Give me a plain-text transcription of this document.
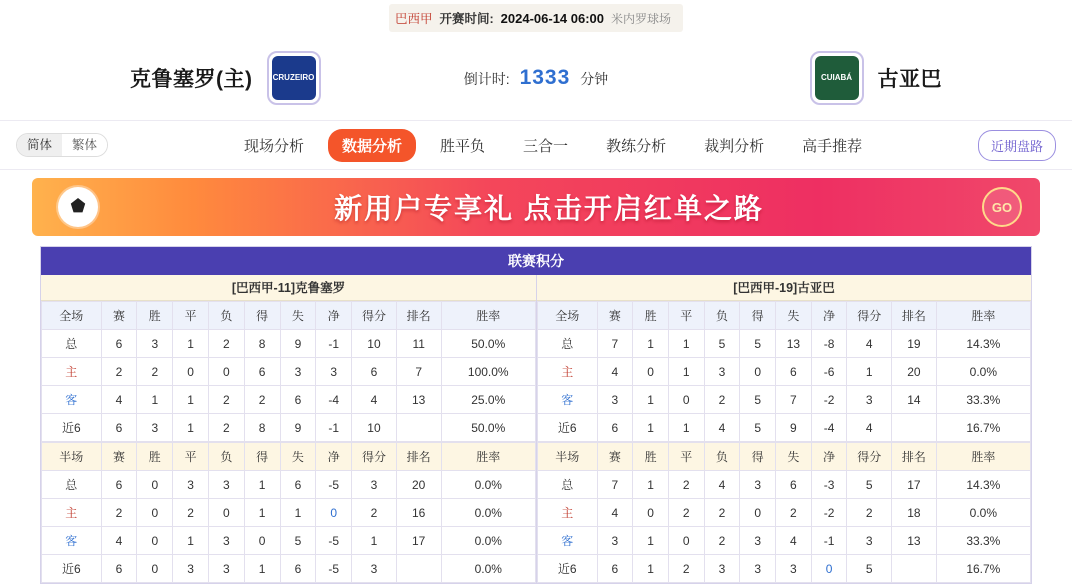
巴西甲 开赛时间: 2024-06-14 06:00 米内罗球场
克鲁塞罗(主)	CRUZEIRO	倒计时: 1333 分钟	CUIABÁ	古亚巴
简体	繁体	现场分析	数据分析	胜平负	三合一	教练分析	裁判分析	高手推荐	近期盘路
新用户专享礼 点击开启红单之路	GO
联赛积分
[巴西甲-11]克鲁塞罗
全场	赛	胜	平	负	得	失	净	得分	排名	胜率
总	6	3	1	2	8	9	-1	10	11	50.0%
主	2	2	0	0	6	3	3	6	7	100.0%
客	4	1	1	2	2	6	-4	4	13	25.0%
近6	6	3	1	2	8	9	-1	10		50.0%
半场	赛	胜	平	负	得	失	净	得分	排名	胜率
总	6	0	3	3	1	6	-5	3	20	0.0%
主	2	0	2	0	1	1	0	2	16	0.0%
客	4	0	1	3	0	5	-5	1	17	0.0%
近6	6	0	3	3	1	6	-5	3		0.0%
[巴西甲-19]古亚巴
全场	赛	胜	平	负	得	失	净	得分	排名	胜率
总	7	1	1	5	5	13	-8	4	19	14.3%
主	4	0	1	3	0	6	-6	1	20	0.0%
客	3	1	0	2	5	7	-2	3	14	33.3%
近6	6	1	1	4	5	9	-4	4		16.7%
半场	赛	胜	平	负	得	失	净	得分	排名	胜率
总	7	1	2	4	3	6	-3	5	17	14.3%
主	4	0	2	2	0	2	-2	2	18	0.0%
客	3	1	0	2	3	4	-1	3	13	33.3%
近6	6	1	2	3	3	3	0	5		16.7%
